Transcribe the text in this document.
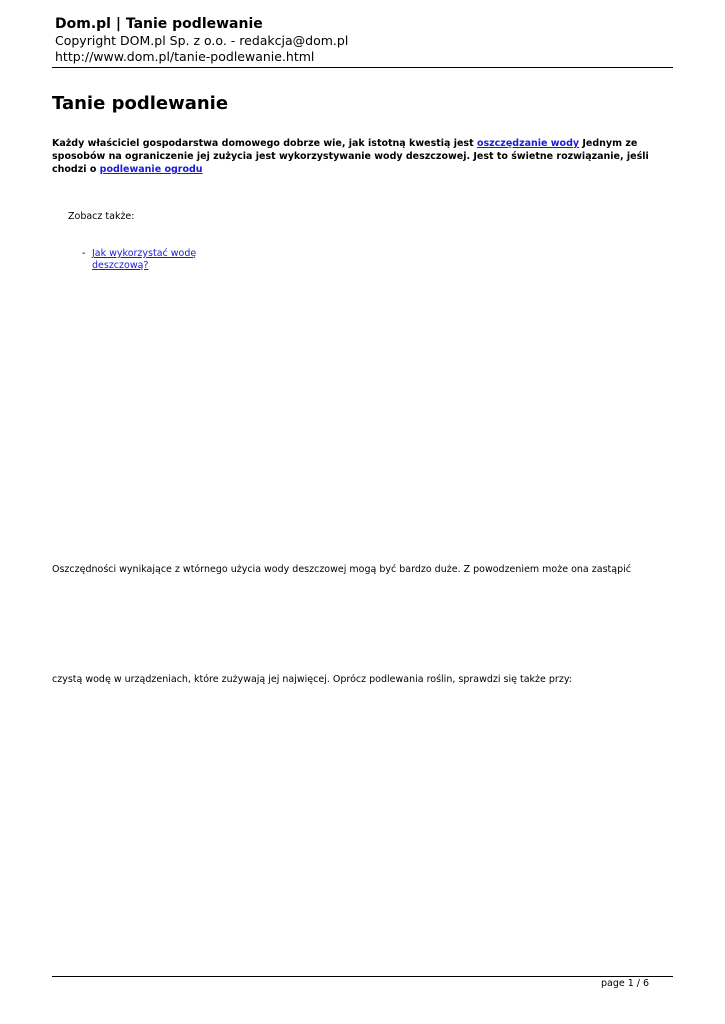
Dom.pl | Tanie podlewanie
Copyright DOM.pl Sp. z o.o. - redakcja@dom.pl
http://www.dom.pl/tanie-podlewanie.html
Tanie podlewanie

Każdy właściciel gospodarstwa domowego dobrze wie, jak istotną kwestią jest oszczędzanie wody Jednym ze sposobów na ograniczenie jej zużycia jest wykorzystywanie wody deszczowej. Jest to świetne rozwiązanie, jeśli chodzi o podlewanie ogrodu

Zobacz także:
- Jak wykorzystać wodę deszczową?

Oszczędności wynikające z wtórnego użycia wody deszczowej mogą być bardzo duże. Z powodzeniem może ona zastąpić

czystą wodę w urządzeniach, które zużywają jej najwięcej. Oprócz podlewania roślin, sprawdzi się także przy:

page 1 / 6
